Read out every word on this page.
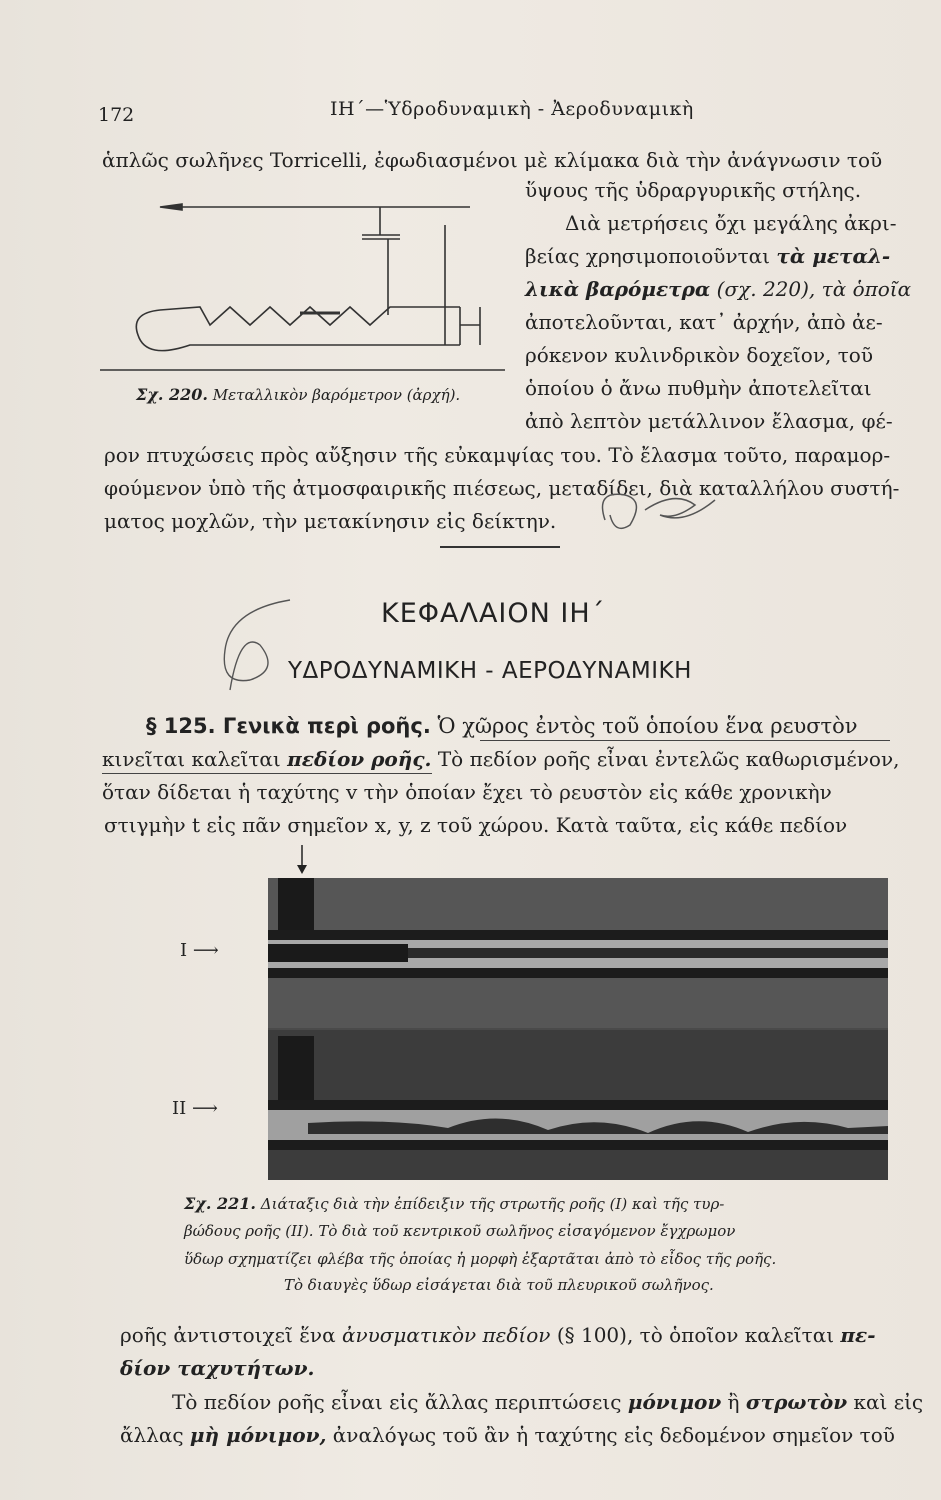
172	ΙΗ΄—Ὑδροδυναμικὴ - Ἀεροδυναμικὴ
ἁπλῶς σωλῆνες Torricelli, ἐφωδιασμένοι μὲ κλίμακα διὰ τὴν ἀνάγνωσιν τοῦ
ὕψους τῆς ὑδραργυρικῆς στήλης.
Σχ. 220. Μεταλλικὸν βαρόμετρον (ἀρχή).
Διὰ μετρήσεις ὄχι μεγάλης ἀκρι-
βείας χρησιμοποιοῦνται τὰ μεταλ-
λικὰ βαρόμετρα (σχ. 220), τὰ ὁποῖα
ἀποτελοῦνται, κατ᾿ ἀρχήν, ἀπὸ ἀε-
ρόκενον κυλινδρικὸν δοχεῖον, τοῦ
ὁποίου ὁ ἄνω πυθμὴν ἀποτελεῖται
ἀπὸ λεπτὸν μετάλλινον ἔλασμα, φέ-
ρον πτυχώσεις πρὸς αὔξησιν τῆς εὐκαμψίας του. Τὸ ἔλασμα τοῦτο, παραμορ-
φούμενον ὑπὸ τῆς ἀτμοσφαιρικῆς πιέσεως, μεταδίδει, διὰ καταλλήλου συστή-
ματος μοχλῶν, τὴν μετακίνησιν εἰς δείκτην.
ΚΕΦΑΛΑΙΟΝ ΙΗ΄
ΥΔΡΟΔΥΝΑΜΙΚΗ - ΑΕΡΟΔΥΝΑΜΙΚΗ
§ 125. Γενικὰ περὶ ροῆς. Ὁ χῶρος ἐντὸς τοῦ ὁποίου ἕνα ρευστὸν
κινεῖται καλεῖται πεδίον ροῆς. Τὸ πεδίον ροῆς εἶναι ἐντελῶς καθωρισμένον,
ὅταν δίδεται ἡ ταχύτης v τὴν ὁποίαν ἔχει τὸ ρευστὸν εἰς κάθε χρονικὴν
στιγμὴν t εἰς πᾶν σημεῖον x, y, z τοῦ χώρου. Κατὰ ταῦτα, εἰς κάθε πεδίον
I ⟶
II ⟶
Σχ. 221. Διάταξις διὰ τὴν ἐπίδειξιν τῆς στρωτῆς ροῆς (Ι) καὶ τῆς τυρ-
βώδους ροῆς (ΙΙ). Τὸ διὰ τοῦ κεντρικοῦ σωλῆνος εἰσαγόμενον ἔγχρωμον
ὕδωρ σχηματίζει φλέβα τῆς ὁποίας ἡ μορφὴ ἐξαρτᾶται ἀπὸ τὸ εἶδος τῆς ροῆς.
Τὸ διαυγὲς ὕδωρ εἰσάγεται διὰ τοῦ πλευρικοῦ σωλῆνος.
ροῆς ἀντιστοιχεῖ ἕνα ἀνυσματικὸν πεδίον (§ 100), τὸ ὁποῖον καλεῖται πε-
δίον ταχυτήτων.
Τὸ πεδίον ροῆς εἶναι εἰς ἄλλας περιπτώσεις μόνιμον ἢ στρωτὸν καὶ εἰς
ἄλλας μὴ μόνιμον, ἀναλόγως τοῦ ἂν ἡ ταχύτης εἰς δεδομένον σημεῖον τοῦ
